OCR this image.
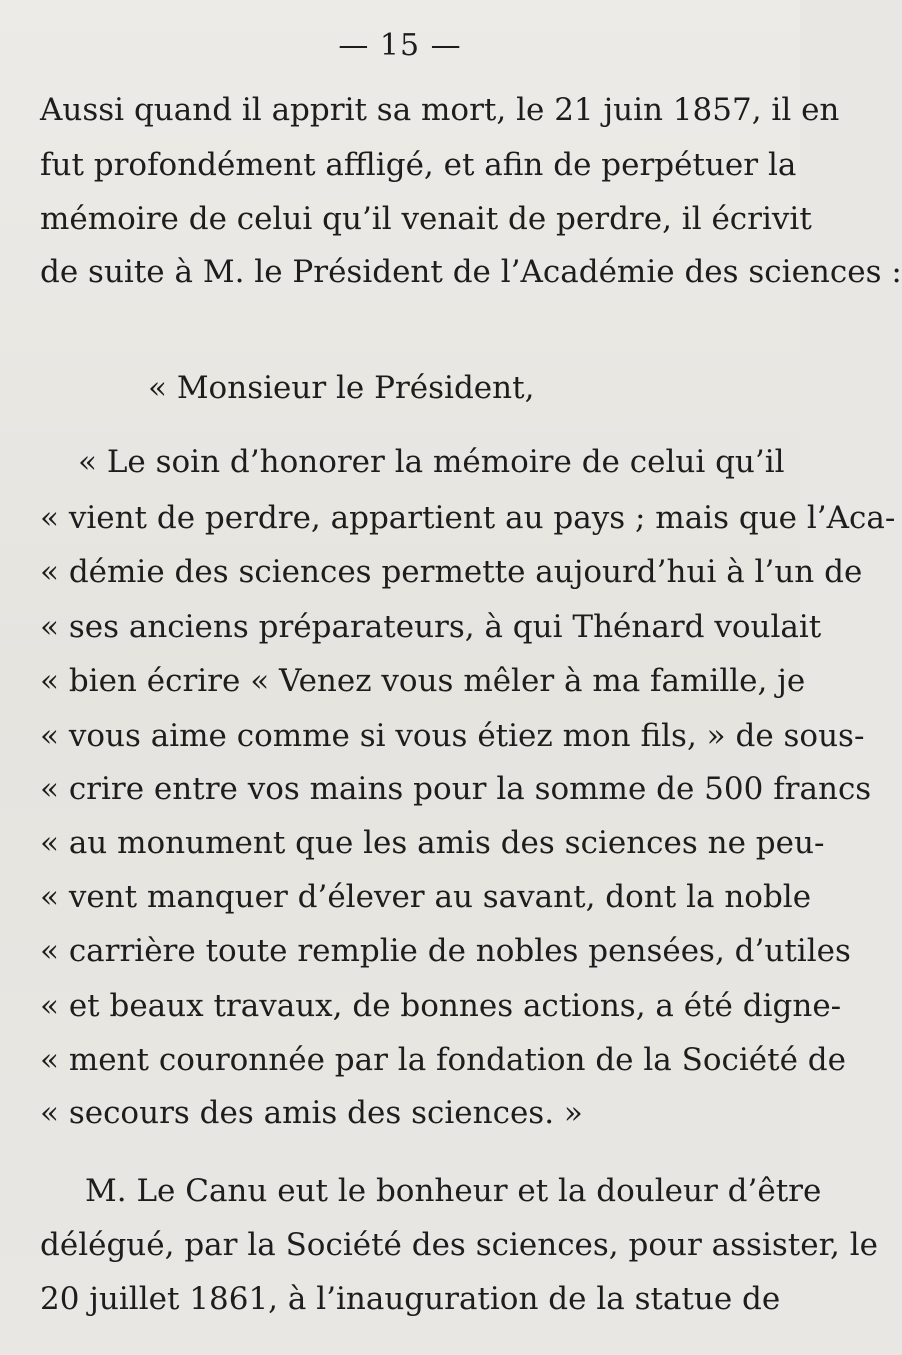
— 15 —
Aussi quand il apprit sa mort, le 21 juin 1857, il en
fut profondément affligé, et afin de perpétuer la
mémoire de celui qu’il venait de perdre, il écrivit
de suite à M. le Président de l’Académie des sciences :
« Monsieur le Président,
« Le soin d’honorer la mémoire de celui qu’il
« vient de perdre, appartient au pays ; mais que l’Aca-
« démie des sciences permette aujourd’hui à l’un de
« ses anciens préparateurs, à qui Thénard voulait
« bien écrire « Venez vous mêler à ma famille, je
« vous aime comme si vous étiez mon fils, » de sous-
« crire entre vos mains pour la somme de 500 francs
« au monument que les amis des sciences ne peu-
« vent manquer d’élever au savant, dont la noble
« carrière toute remplie de nobles pensées, d’utiles
« et beaux travaux, de bonnes actions, a été digne-
« ment couronnée par la fondation de la Société de
« secours des amis des sciences. »
M. Le Canu eut le bonheur et la douleur d’être
délégué, par la Société des sciences, pour assister, le
20 juillet 1861, à l’inauguration de la statue de
